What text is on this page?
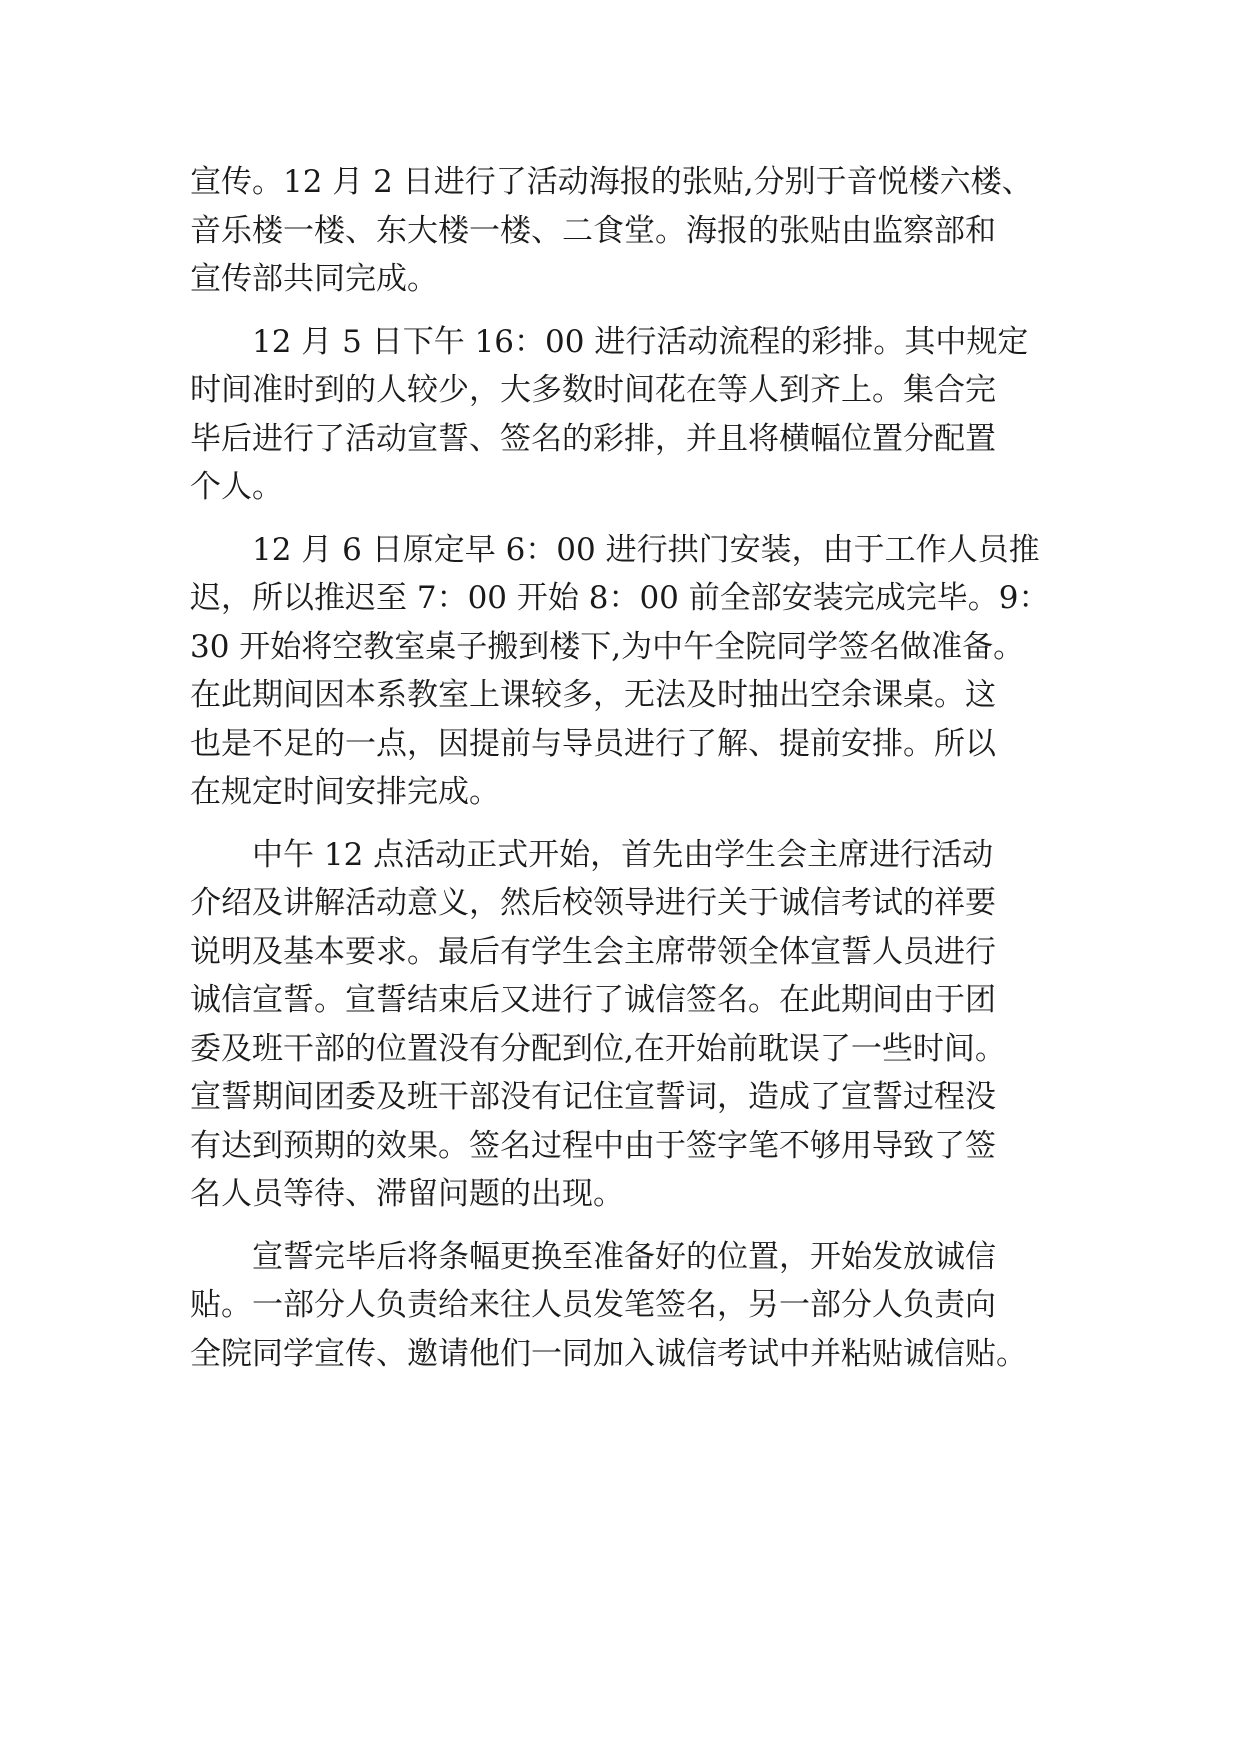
宣传。12 月 2 日进行了活动海报的张贴,分别于音悦楼六楼、
音乐楼一楼、东大楼一楼、二食堂。海报的张贴由监察部和
宣传部共同完成。
12 月 5 日下午 16：00 进行活动流程的彩排。其中规定
时间准时到的人较少，大多数时间花在等人到齐上。集合完
毕后进行了活动宣誓、签名的彩排，并且将横幅位置分配置
个人。
12 月 6 日原定早 6：00 进行拱门安装，由于工作人员推
迟，所以推迟至 7：00 开始 8：00 前全部安装完成完毕。9：
30 开始将空教室桌子搬到楼下,为中午全院同学签名做准备。
在此期间因本系教室上课较多，无法及时抽出空余课桌。这
也是不足的一点，因提前与导员进行了解、提前安排。所以
在规定时间安排完成。
中午 12 点活动正式开始，首先由学生会主席进行活动
介绍及讲解活动意义，然后校领导进行关于诚信考试的祥要
说明及基本要求。最后有学生会主席带领全体宣誓人员进行
诚信宣誓。宣誓结束后又进行了诚信签名。在此期间由于团
委及班干部的位置没有分配到位,在开始前耽误了一些时间。
宣誓期间团委及班干部没有记住宣誓词，造成了宣誓过程没
有达到预期的效果。签名过程中由于签字笔不够用导致了签
名人员等待、滞留问题的出现。
宣誓完毕后将条幅更换至准备好的位置，开始发放诚信
贴。一部分人负责给来往人员发笔签名，另一部分人负责向
全院同学宣传、邀请他们一同加入诚信考试中并粘贴诚信贴。
